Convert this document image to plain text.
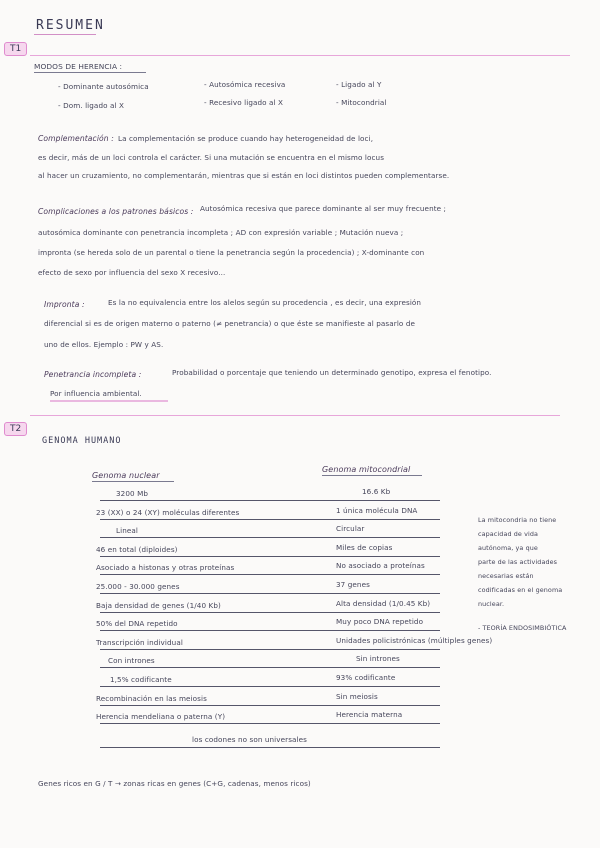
RESUMEN
T1
MODOS DE HERENCIA :
- Dominante autosómica	- Autosómica recesiva	- Ligado al Y
- Dom. ligado al X	- Recesivo ligado al X	- Mitocondrial
Complementación : La complementación se produce cuando hay heterogeneidad de loci,
es decir, más de un loci controla el carácter. Si una mutación se encuentra en el mismo locus
al hacer un cruzamiento, no complementarán, mientras que si están en loci distintos pueden complementarse.
Complicaciones a los patrones básicos : Autosómica recesiva que parece dominante al ser muy frecuente ;
autosómica dominante con penetrancia incompleta ; AD con expresión variable ; Mutación nueva ;
impronta (se hereda solo de un parental o tiene la penetrancia según la procedencia) ; X-dominante con
efecto de sexo por influencia del sexo X recesivo...
Impronta :	Es la no equivalencia entre los alelos según su procedencia , es decir, una expresión
diferencial si es de origen materno o paterno (≠ penetrancia) o que éste se manifieste al pasarlo de
uno de ellos. Ejemplo : PW y AS.
Penetrancia incompleta :	Probabilidad o porcentaje que teniendo un determinado genotipo, expresa el fenotipo.
Por influencia ambiental.
T2
GENOMA HUMANO
Genoma nuclear
Genoma mitocondrial
3200 Mb	16.6 Kb
23 (XX) o 24 (XY) moléculas diferentes	1 única molécula DNA
Lineal	Circular
46 en total (diploides)	Miles de copias
Asociado a histonas y otras proteínas	No asociado a proteínas
25.000 - 30.000 genes	37 genes
Baja densidad de genes (1/40 Kb)	Alta densidad (1/0.45 Kb)
50% del DNA repetido	Muy poco DNA repetido
Transcripción individual	Unidades policistrónicas (múltiples genes)
Con intrones	Sin intrones
1,5% codificante	93% codificante
Recombinación en las meiosis	Sin meiosis
Herencia mendeliana o paterna (Y)	Herencia materna
los codones no son universales
La mitocondria no tiene
capacidad de vida
autónoma, ya que
parte de las actividades
necesarias están
codificadas en el genoma
nuclear.
- TEORÍA ENDOSIMBIÓTICA
Genes ricos en G / T → zonas ricas en genes (C+G, cadenas, menos ricos)
